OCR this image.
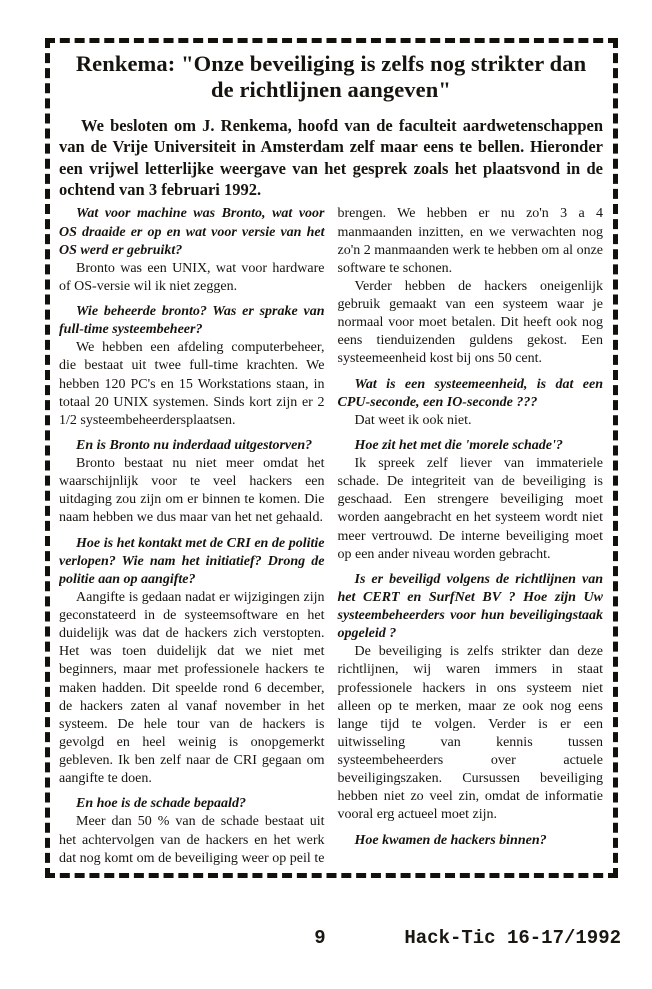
Renkema: "Onze beveiliging is zelfs nog strikter dan de richtlijnen aangeven"

We besloten om J. Renkema, hoofd van de faculteit aardwetenschappen van de Vrije Universiteit in Amsterdam zelf maar eens te bellen. Hieronder een vrijwel letterlijke weergave van het gesprek zoals het plaatsvond in de ochtend van 3 februari 1992.

Wat voor machine was Bronto, wat voor OS draaide er op en wat voor versie van het OS werd er gebruikt?

Bronto was een UNIX, wat voor hardware of OS-versie wil ik niet zeggen.

Wie beheerde bronto? Was er sprake van full-time systeembeheer?

We hebben een afdeling computerbeheer, die bestaat uit twee full-time krachten. We hebben 120 PC's en 15 Workstations staan, in totaal 20 UNIX systemen. Sinds kort zijn er 2 1/2 systeembeheerdersplaatsen.

En is Bronto nu inderdaad uitgestorven?

Bronto bestaat nu niet meer omdat het waarschijnlijk voor te veel hackers een uitdaging zou zijn om er binnen te komen. Die naam hebben we dus maar van het net gehaald.

Hoe is het kontakt met de CRI en de politie verlopen? Wie nam het initiatief? Drong de politie aan op aangifte?

Aangifte is gedaan nadat er wijzigingen zijn geconstateerd in de systeemsoftware en het duidelijk was dat de hackers zich verstopten. Het was toen duidelijk dat we niet met beginners, maar met professionele hackers te maken hadden. Dit speelde rond 6 december, de hackers zaten al vanaf november in het systeem. De hele tour van de hackers is gevolgd en heel weinig is onopgemerkt gebleven. Ik ben zelf naar de CRI gegaan om aangifte te doen.

En hoe is de schade bepaald?

Meer dan 50 % van de schade bestaat uit het achtervolgen van de hackers en het werk dat nog komt om de beveiliging weer op peil te brengen. We hebben er nu zo'n 3 a 4 manmaanden inzitten, en we verwachten nog zo'n 2 manmaanden werk te hebben om al onze software te schonen.

Verder hebben de hackers oneigenlijk gebruik gemaakt van een systeem waar je normaal voor moet betalen. Dit heeft ook nog eens tienduizenden guldens gekost. Een systeemeenheid kost bij ons 50 cent.

Wat is een systeemeenheid, is dat een CPU-seconde, een IO-seconde ???

Dat weet ik ook niet.

Hoe zit het met die 'morele schade'?

Ik spreek zelf liever van immateriele schade. De integriteit van de beveiliging is geschaad. Een strengere beveiliging moet worden aangebracht en het systeem wordt niet meer vertrouwd. De interne beveiliging moet op een ander niveau worden gebracht.

Is er beveiligd volgens de richtlijnen van het CERT en SurfNet BV ? Hoe zijn Uw systeembeheerders voor hun beveiligingstaak opgeleid ?

De beveiliging is zelfs strikter dan deze richtlijnen, wij waren immers in staat professionele hackers in ons systeem niet alleen op te merken, maar ze ook nog eens lange tijd te volgen. Verder is er een uitwisseling van kennis tussen systeembeheerders over actuele beveiligingszaken. Cursussen beveiliging hebben niet zo veel zin, omdat de informatie vooral erg actueel moet zijn.

Hoe kwamen de hackers binnen?

9	Hack-Tic 16-17/1992
